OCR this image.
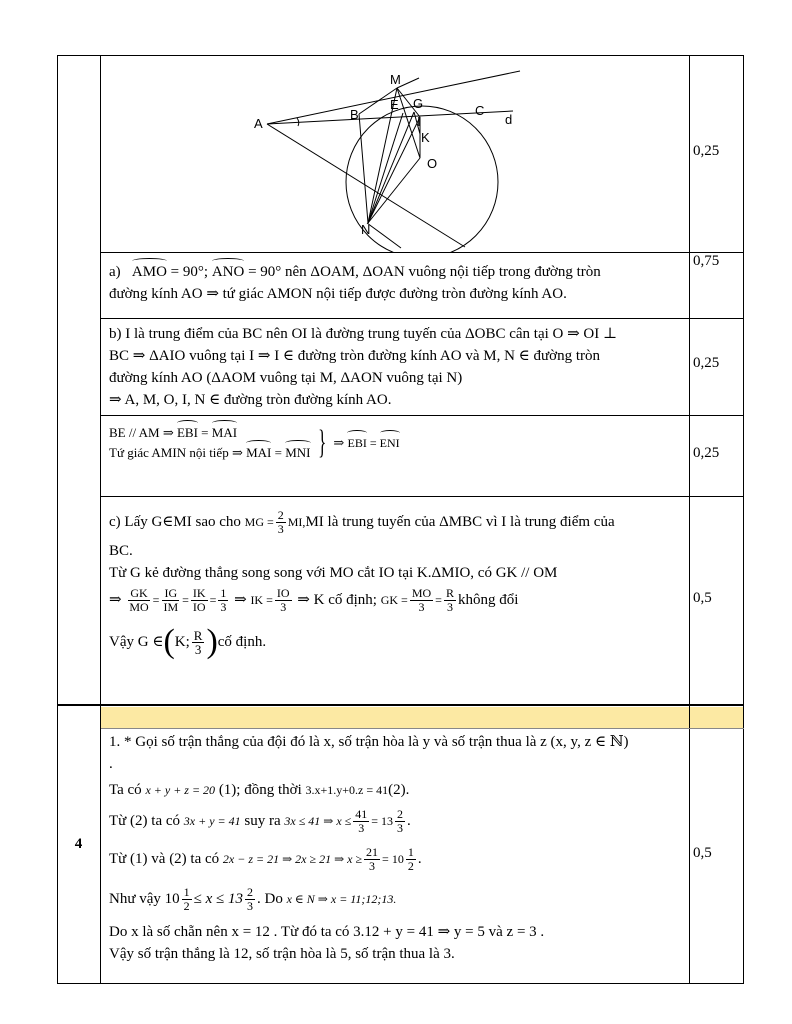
M
A
B
E G	C
d
I
K
O
N
0,25
a) AMO = 90°; ANO = 90° nên ΔOAM, ΔOAN vuông nội tiếp trong đường tròn
đường kính AO ⇒ tứ giác AMON nội tiếp được đường tròn đường kính AO.
0,75
b) I là trung điểm của BC nên OI là đường trung tuyến của ΔOBC cân tại O ⇒ OI ⊥
BC ⇒ ΔAIO vuông tại I ⇒ I ∈ đường tròn đường kính AO và M, N ∈ đường tròn
đường kính AO (ΔAOM vuông tại M, ΔAON vuông tại N)
⇒ A, M, O, I, N ∈ đường tròn đường kính AO.
0,25
BE // AM ⇒ EBI = MAI
Tứ giác AMIN nội tiếp ⇒ MAI = MNI } ⇒ EBI = ENI
0,25
c) Lấy G∈MI sao cho
MG = $\frac{2}{3}$ MI, MI là trung tuyến của ΔMBC vì I là trung điểm của
BC.
Từ G kẻ đường thẳng song song với MO cắt IO tại K.ΔMIO, có GK // OM
⇒ $\frac{GK}{MO} = \frac{IG}{IM} = \frac{IK}{IO} = \frac{1}{3}$ ⇒ IK = $\frac{IO}{3}$
⇒ K cố định;
GK = $\frac{MO}{3} = \frac{R}{3}$ không đổi
Vậy G ∈ ( K; $\frac{R}{3}$ ) cố định.
0,5
4
1. * Gọi số trận thắng của đội đó là x, số trận hòa là y và số trận thua là z (x, y, z ∈ ℕ)
.
Ta có x + y + z = 20 (1); đồng thời 3.x+1.y+0.z = 41(2).
Từ (2) ta có
3x + y = 41
suy ra
3x ≤ 41 ⇒ $x \le \frac{41}{3} = 13 \frac{2}{3}$ .
Từ (1) và (2) ta có
2x − z = 21 ⇒ 2x ≥ 21 ⇒ $x \ge \frac{21}{3} = 10 \frac{1}{2}$ .
Như vậy
$10 \frac{1}{2} \le x \le 13 \frac{2}{3}$ . Do
x ∈ N ⇒ x = 11;12;13.
Do x là số chẵn nên x = 12 . Từ đó ta có 3.12 + y = 41 ⇒ y = 5 và z = 3 .
Vậy số trận thắng là 12, số trận hòa là 5, số trận thua là 3.
0,5
